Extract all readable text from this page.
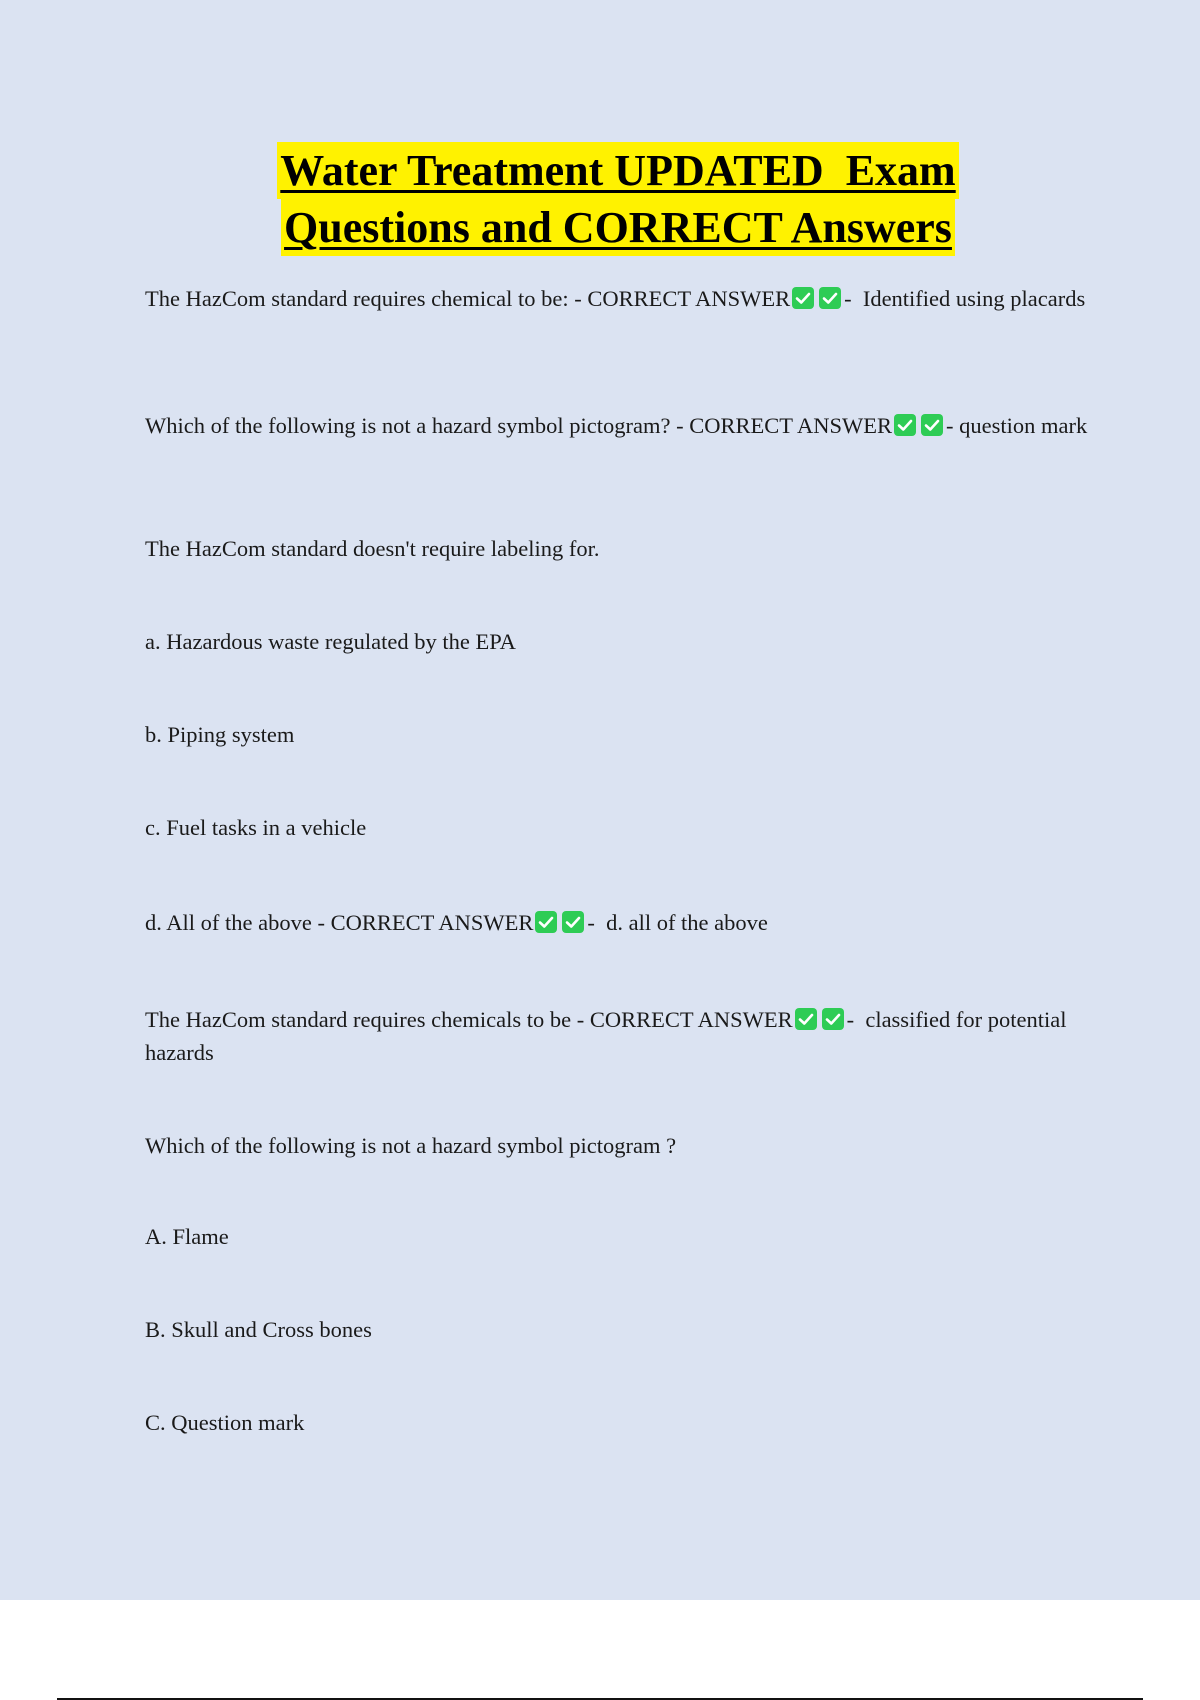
Water Treatment UPDATED  Exam
Questions and CORRECT Answers
The HazCom standard requires chemical to be: - CORRECT ANSWER -  Identified using placards
Which of the following is not a hazard symbol pictogram? - CORRECT ANSWER - question mark
The HazCom standard doesn't require labeling for.
a. Hazardous waste regulated by the EPA
b. Piping system
c. Fuel tasks in a vehicle
d. All of the above - CORRECT ANSWER -  d. all of the above
The HazCom standard requires chemicals to be - CORRECT ANSWER -  classified for potential hazards
Which of the following is not a hazard symbol pictogram ?
A. Flame
B. Skull and Cross bones
C. Question mark
